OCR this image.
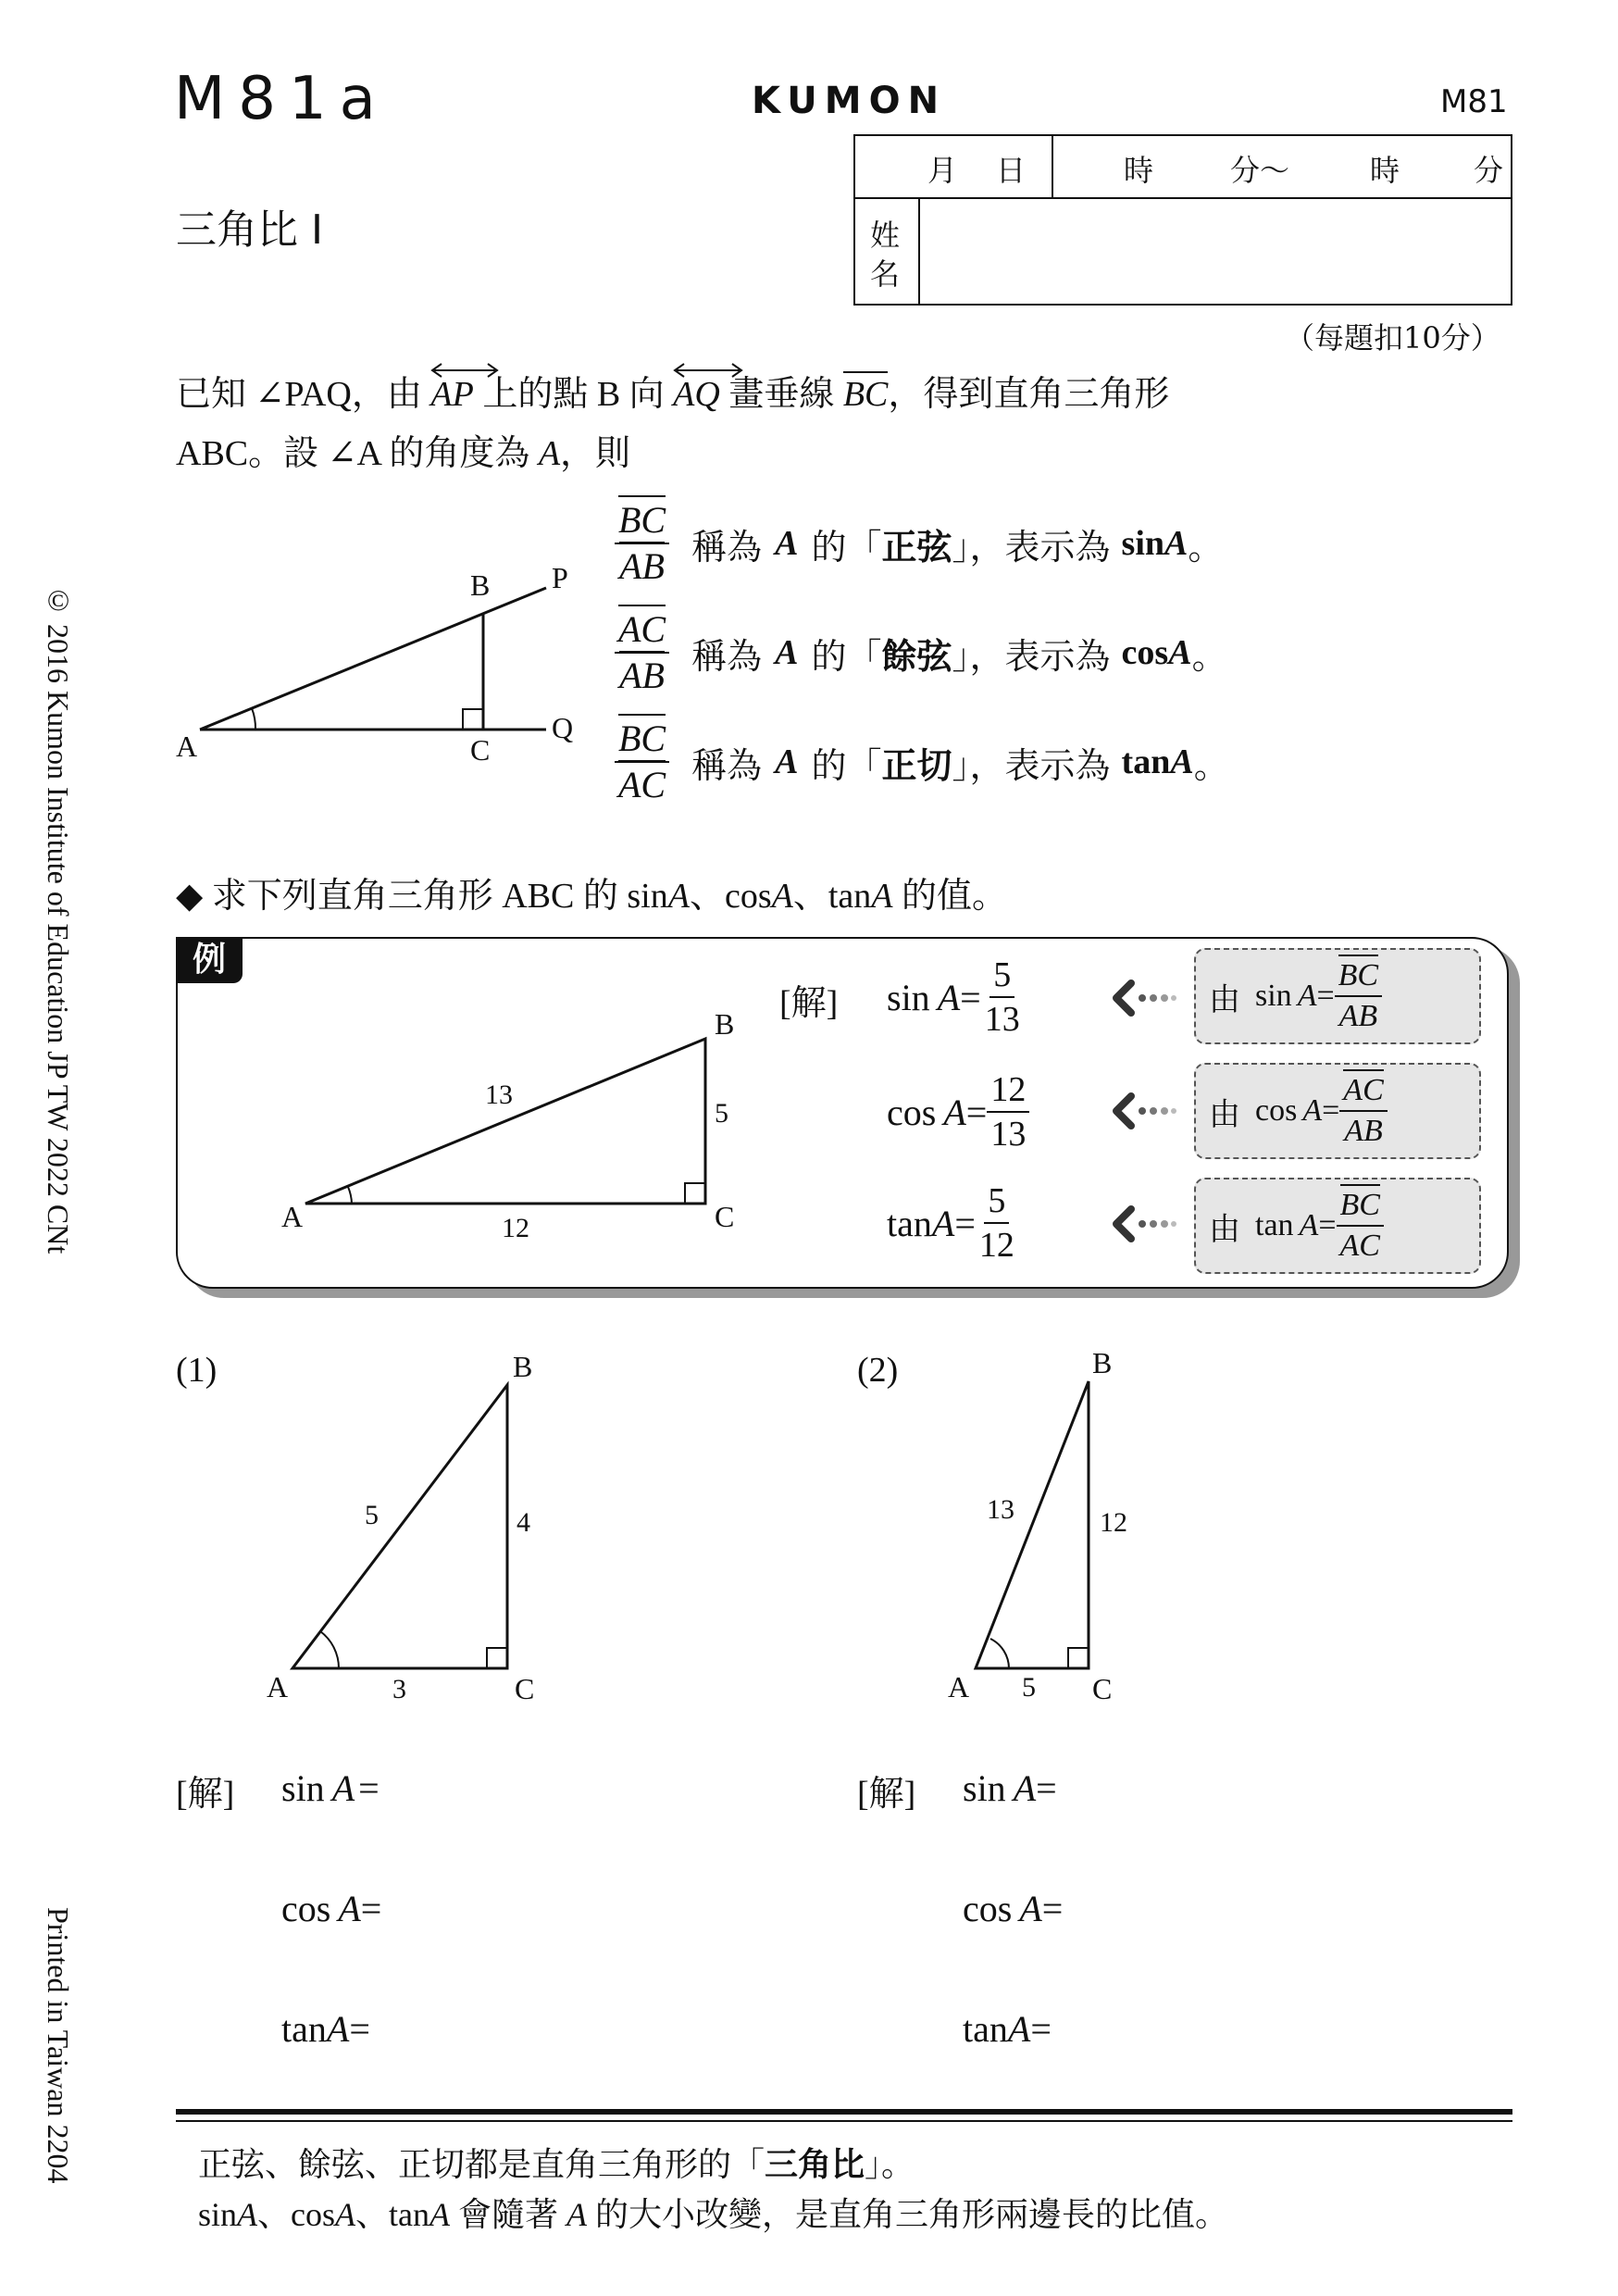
M81a	KUMON	M81
三角比 I
月 日	時	分～	時 分
姓
名
（每題扣10分）
© 2016 Kumon Institute of Education JP TW 2022 CNt
Printed in Taiwan 2204
已知 ∠PAQ，由 AP 上的點 B 向 AQ 畫垂線 BC，得到直角三角形
ABC。設 ∠A 的角度為 A，則
A
B
C
P
Q
$\frac{BC}{AB}$ 稱為 A 的「 正弦 」，表示為 sin A 。
$\frac{AC}{AB}$ 稱為 A 的「 餘弦 」，表示為 cos A 。
$\frac{BC}{AC}$ 稱為 A 的「 正切 」，表示為 tan A 。
◆ 求下列直角三角形 ABC 的 sinA、cosA、tanA 的值。
例
A
B
C
13
5
12
[解] $\sin A = \frac{5}{13}$
$\cos A = \frac{12}{13}$
$\tan A = \frac{5}{12}$
由 $\sin A = \frac{BC}{AB}$
由 $\cos A = \frac{AC}{AB}$
由 $\tan A = \frac{BC}{AC}$
(1)
A
B
C
5	4
3
[解] sin A =
cos A=
tanA=
(2)
A
B
C
13	12
5
[解] sin A=
cos A=
tanA=
正弦、餘弦、正切都是直角三角形的「三角比」。
sinA、cosA、tanA 會隨著 A 的大小改變，是直角三角形兩邊長的比值。
